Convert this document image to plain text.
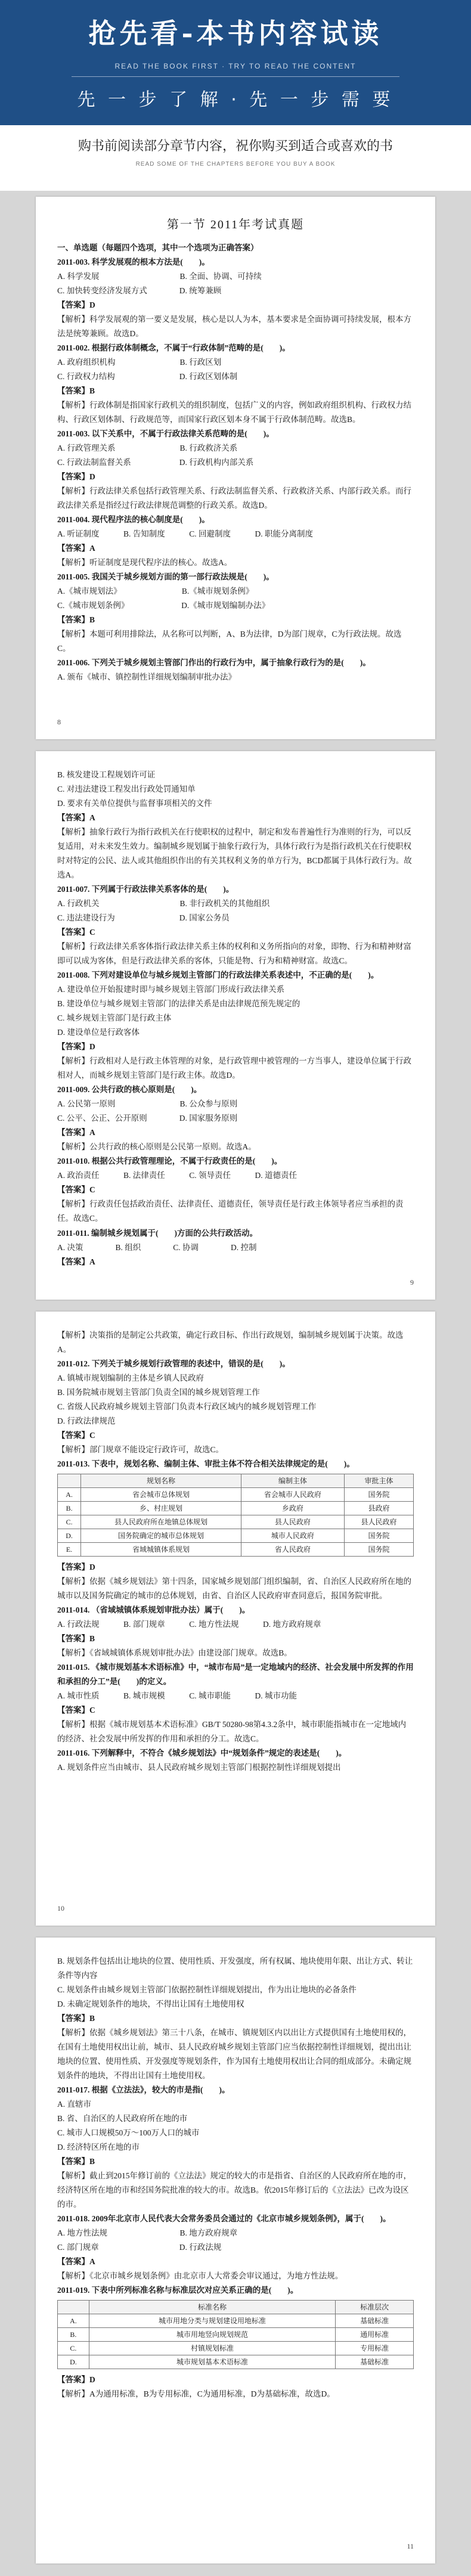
抢先看-本书内容试读
READ THE BOOK FIRST · TRY TO READ THE CONTENT
先 一 步 了 解 · 先 一 步 需 要
购书前阅读部分章节内容，祝你购买到适合或喜欢的书
READ SOME OF THE CHAPTERS BEFORE YOU BUY A BOOK
第一节 2011年考试真题

一、单选题（每题四个选项，其中一个选项为正确答案）

2011-003. 科学发展观的根本方法是(　　)。

A. 科学发展　　　　　　　　　　B. 全面、协调、可持续

C. 加快转变经济发展方式　　　　D. 统筹兼顾

【答案】D

【解析】科学发展观的第一要义是发展，核心是以人为本，基本要求是全面协调可持续发展，根本方法是统筹兼顾。故选D。

2011-002. 根据行政体制概念，不属于“行政体制”范畴的是(　　)。

A. 政府组织机构　　　　　　　　B. 行政区划

C. 行政权力结构　　　　　　　　D. 行政区划体制

【答案】B

【解析】行政体制是指国家行政机关的组织制度，包括广义的内容，例如政府组织机构、行政权力结构、行政区划体制、行政规范等，而国家行政区划本身不属于行政体制范畴。故选B。

2011-003. 以下关系中，不属于行政法律关系范畴的是(　　)。

A. 行政管理关系　　　　　　　　B. 行政救济关系

C. 行政法制监督关系　　　　　　D. 行政机构内部关系

【答案】D

【解析】行政法律关系包括行政管理关系、行政法制监督关系、行政救济关系、内部行政关系。而行政法律关系是指经过行政法律规范调整的行政关系。故选D。

2011-004. 现代程序法的核心制度是(　　)。

A. 听证制度　　　B. 告知制度　　　C. 回避制度　　　D. 职能分离制度

【答案】A

【解析】听证制度是现代程序法的核心。故选A。

2011-005. 我国关于城乡规划方面的第一部行政法规是(　　)。

A.《城市规划法》　　　　　　　　B.《城市规划条例》

C.《城市规划条例》　　　　　　　D.《城市规划编制办法》

【答案】B

【解析】本题可利用排除法，从名称可以判断，A、B为法律，D为部门规章，C为行政法规。故选C。

2011-006. 下列关于城乡规划主管部门作出的行政行为中，属于抽象行政行为的是(　　)。

A. 颁布《城市、镇控制性详细规划编制审批办法》

8

B. 核发建设工程规划许可证

C. 对违法建设工程发出行政处罚通知单

D. 要求有关单位提供与监督事项相关的文件

【答案】A

【解析】抽象行政行为指行政机关在行使职权的过程中，制定和发布普遍性行为准则的行为，可以反复适用，对未来发生效力。编制城乡规划属于抽象行政行为，具体行政行为是指行政机关在行使职权时对特定的公民、法人或其他组织作出的有关其权利义务的单方行为，BCD都属于具体行政行为。故选A。

2011-007. 下列属于行政法律关系客体的是(　　)。

A. 行政机关　　　　　　　　　　B. 非行政机关的其他组织

C. 违法建设行为　　　　　　　　D. 国家公务员

【答案】C

【解析】行政法律关系客体指行政法律关系主体的权利和义务所指向的对象，即物、行为和精神财富即可以成为客体，但是行政法律关系的客体，只能是物、行为和精神财富。故选C。

2011-008. 下列对建设单位与城乡规划主管部门的行政法律关系表述中，不正确的是(　　)。

A. 建设单位开始报建时即与城乡规划主管部门形成行政法律关系

B. 建设单位与城乡规划主管部门的法律关系是由法律规范预先规定的

C. 城乡规划主管部门是行政主体

D. 建设单位是行政客体

【答案】D

【解析】行政相对人是行政主体管理的对象，是行政管理中被管理的一方当事人，建设单位属于行政相对人，而城乡规划主管部门是行政主体。故选D。

2011-009. 公共行政的核心原则是(　　)。

A. 公民第一原则　　　　　　　　B. 公众参与原则

C. 公平、公正、公开原则　　　　D. 国家服务原则

【答案】A

【解析】公共行政的核心原则是公民第一原则。故选A。

2011-010. 根据公共行政管理理论，不属于行政责任的是(　　)。

A. 政治责任　　　B. 法律责任　　　C. 领导责任　　　D. 道德责任

【答案】C

【解析】行政责任包括政治责任、法律责任、道德责任，领导责任是行政主体领导者应当承担的责任。故选C。

2011-011. 编制城乡规划属于(　　)方面的公共行政活动。

A. 决策　　　　B. 组织　　　　C. 协调　　　　D. 控制

【答案】A

9

【解析】决策指的是制定公共政策，确定行政目标、作出行政规划，编制城乡规划属于决策。故选A。

2011-012. 下列关于城乡规划行政管理的表述中，错误的是(　　)。

A. 镇城市规划编制的主体是乡镇人民政府

B. 国务院城市规划主管部门负责全国的城乡规划管理工作

C. 省级人民政府城乡规划主管部门负责本行政区域内的城乡规划管理工作

D. 行政法律规范

【答案】C

【解析】部门规章不能设定行政许可，故选C。

2011-013. 下表中，规划名称、编制主体、审批主体不符合相关法律规定的是(　　)。

	规划名称	编制主体	审批主体
A.	省会城市总体规划	省会城市人民政府	国务院
B.	乡、村庄规划	乡政府	县政府
C.	县人民政府所在地镇总体规划	县人民政府	县人民政府
D.	国务院确定的城市总体规划	城市人民政府	国务院
E.	省域城镇体系规划	省人民政府	国务院

【答案】D

【解析】依据《城乡规划法》第十四条，国家城乡规划部门组织编制，省、自治区人民政府所在地的城市以及国务院确定的城市的总体规划，由省、自治区人民政府审查同意后，报国务院审批。

2011-014. （省域城镇体系规划审批办法）属于(　　)。

A. 行政法规　　　B. 部门规章　　　C. 地方性法规　　　D. 地方政府规章

【答案】B

【解析】《省域城镇体系规划审批办法》由建设部门规章。故选B。

2011-015. 《城市规划基本术语标准》中，“城市布局”是一定地域内的经济、社会发展中所发挥的作用和承担的分工”是(　　)的定义。

A. 城市性质　　　B. 城市规模　　　C. 城市职能　　　D. 城市功能

【答案】C

【解析】根据《城市规划基本术语标准》GB/T 50280-98第4.3.2条中，城市职能指城市在一定地域内的经济、社会发展中所发挥的作用和承担的分工。故选C。

2011-016. 下列解释中，不符合《城乡规划法》中“规划条件”规定的表述是(　　)。

A. 规划条件应当由城市、县人民政府城乡规划主管部门根据控制性详细规划提出

10

B. 规划条件包括出让地块的位置、使用性质、开发强度，所有权属、地块使用年限、出让方式、转让条件等内容

C. 规划条件由城乡规划主管部门依据控制性详细规划提出，作为出让地块的必备条件

D. 未确定规划条件的地块，不得出让国有土地使用权

【答案】B

【解析】依据《城乡规划法》第三十八条，在城市、镇规划区内以出让方式提供国有土地使用权的，在国有土地使用权出让前，城市、县人民政府城乡规划主管部门应当依据控制性详细规划，提出出让地块的位置、使用性质、开发强度等规划条件，作为国有土地使用权出让合同的组成部分。未确定规划条件的地块，不得出让国有土地使用权。

2011-017. 根据《立法法》，较大的市是指(　　)。

A. 直辖市

B. 省、自治区的人民政府所在地的市

C. 城市人口规模50万～100万人口的城市

D. 经济特区所在地的市

【答案】B

【解析】截止到2015年修订前的《立法法》规定的较大的市是指省、自治区的人民政府所在地的市，经济特区所在地的市和经国务院批准的较大的市。故选B。依2015年修订后的《立法法》已改为设区的市。

2011-018. 2009年北京市人民代表大会常务委员会通过的《北京市城乡规划条例》，属于(　　)。

A. 地方性法规　　　　　　　　　B. 地方政府规章

C. 部门规章　　　　　　　　　　D. 行政法规

【答案】A

【解析】《北京市城乡规划条例》由北京市人大常委会审议通过，为地方性法规。

2011-019. 下表中所列标准名称与标准层次对应关系正确的是(　　)。

	标准名称	标准层次
A.	城市用地分类与规划建设用地标准	基础标准
B.	城市用地竖向规划规范	通用标准
C.	村镇规划标准	专用标准
D.	城市规划基本术语标准	基础标准

【答案】D

【解析】A为通用标准，B为专用标准，C为通用标准，D为基础标准，故选D。

11
